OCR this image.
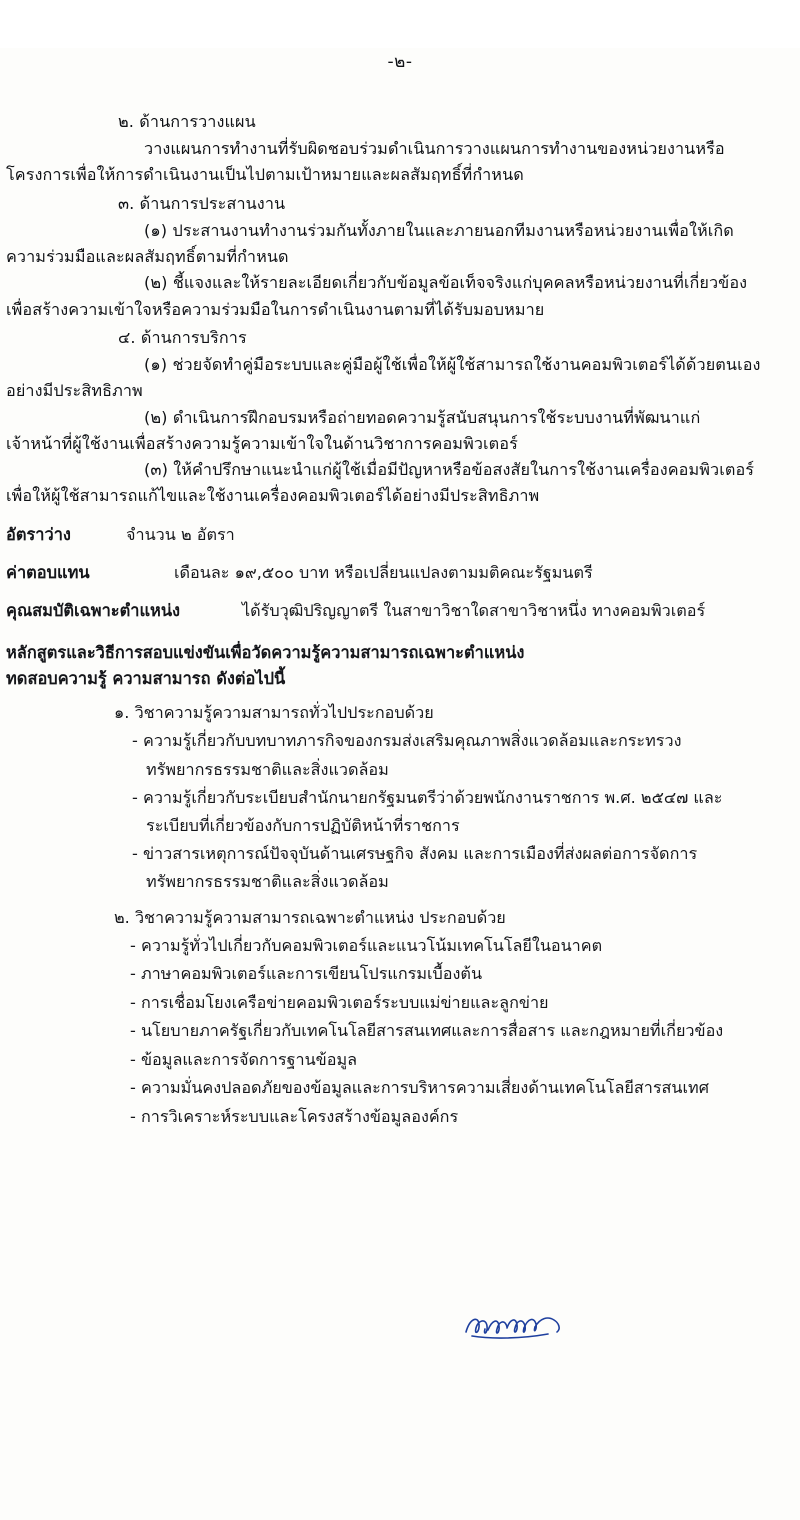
-๒-
๒. ด้านการวางแผน
วางแผนการทำงานที่รับผิดชอบร่วมดำเนินการวางแผนการทำงานของหน่วยงานหรือ
โครงการเพื่อให้การดำเนินงานเป็นไปตามเป้าหมายและผลสัมฤทธิ์ที่กำหนด
๓. ด้านการประสานงาน
(๑) ประสานงานทำงานร่วมกันทั้งภายในและภายนอกทีมงานหรือหน่วยงานเพื่อให้เกิด
ความร่วมมือและผลสัมฤทธิ์ตามที่กำหนด
(๒) ชี้แจงและให้รายละเอียดเกี่ยวกับข้อมูลข้อเท็จจริงแก่บุคคลหรือหน่วยงานที่เกี่ยวข้อง
เพื่อสร้างความเข้าใจหรือความร่วมมือในการดำเนินงานตามที่ได้รับมอบหมาย
๔. ด้านการบริการ
(๑) ช่วยจัดทำคู่มือระบบและคู่มือผู้ใช้เพื่อให้ผู้ใช้สามารถใช้งานคอมพิวเตอร์ได้ด้วยตนเอง
อย่างมีประสิทธิภาพ
(๒) ดำเนินการฝึกอบรมหรือถ่ายทอดความรู้สนับสนุนการใช้ระบบงานที่พัฒนาแก่
เจ้าหน้าที่ผู้ใช้งานเพื่อสร้างความรู้ความเข้าใจในด้านวิชาการคอมพิวเตอร์
(๓) ให้คำปรึกษาแนะนำแก่ผู้ใช้เมื่อมีปัญหาหรือข้อสงสัยในการใช้งานเครื่องคอมพิวเตอร์
เพื่อให้ผู้ใช้สามารถแก้ไขและใช้งานเครื่องคอมพิวเตอร์ได้อย่างมีประสิทธิภาพ
อัตราว่าง	จำนวน ๒ อัตรา
ค่าตอบแทน	เดือนละ ๑๙,๕๐๐ บาท หรือเปลี่ยนแปลงตามมติคณะรัฐมนตรี
คุณสมบัติเฉพาะตำแหน่ง	ได้รับวุฒิปริญญาตรี ในสาขาวิชาใดสาขาวิชาหนึ่ง ทางคอมพิวเตอร์
หลักสูตรและวิธีการสอบแข่งขันเพื่อวัดความรู้ความสามารถเฉพาะตำแหน่ง
ทดสอบความรู้ ความสามารถ ดังต่อไปนี้
๑. วิชาความรู้ความสามารถทั่วไปประกอบด้วย
- ความรู้เกี่ยวกับบทบาทภารกิจของกรมส่งเสริมคุณภาพสิ่งแวดล้อมและกระทรวง
ทรัพยากรธรรมชาติและสิ่งแวดล้อม
- ความรู้เกี่ยวกับระเบียบสำนักนายกรัฐมนตรีว่าด้วยพนักงานราชการ พ.ศ. ๒๕๔๗ และ
ระเบียบที่เกี่ยวข้องกับการปฏิบัติหน้าที่ราชการ
- ข่าวสารเหตุการณ์ปัจจุบันด้านเศรษฐกิจ สังคม และการเมืองที่ส่งผลต่อการจัดการ
ทรัพยากรธรรมชาติและสิ่งแวดล้อม
๒. วิชาความรู้ความสามารถเฉพาะตำแหน่ง ประกอบด้วย
- ความรู้ทั่วไปเกี่ยวกับคอมพิวเตอร์และแนวโน้มเทคโนโลยีในอนาคต
- ภาษาคอมพิวเตอร์และการเขียนโปรแกรมเบื้องต้น
- การเชื่อมโยงเครือข่ายคอมพิวเตอร์ระบบแม่ข่ายและลูกข่าย
- นโยบายภาครัฐเกี่ยวกับเทคโนโลยีสารสนเทศและการสื่อสาร และกฎหมายที่เกี่ยวข้อง
- ข้อมูลและการจัดการฐานข้อมูล
- ความมั่นคงปลอดภัยของข้อมูลและการบริหารความเสี่ยงด้านเทคโนโลยีสารสนเทศ
- การวิเคราะห์ระบบและโครงสร้างข้อมูลองค์กร
